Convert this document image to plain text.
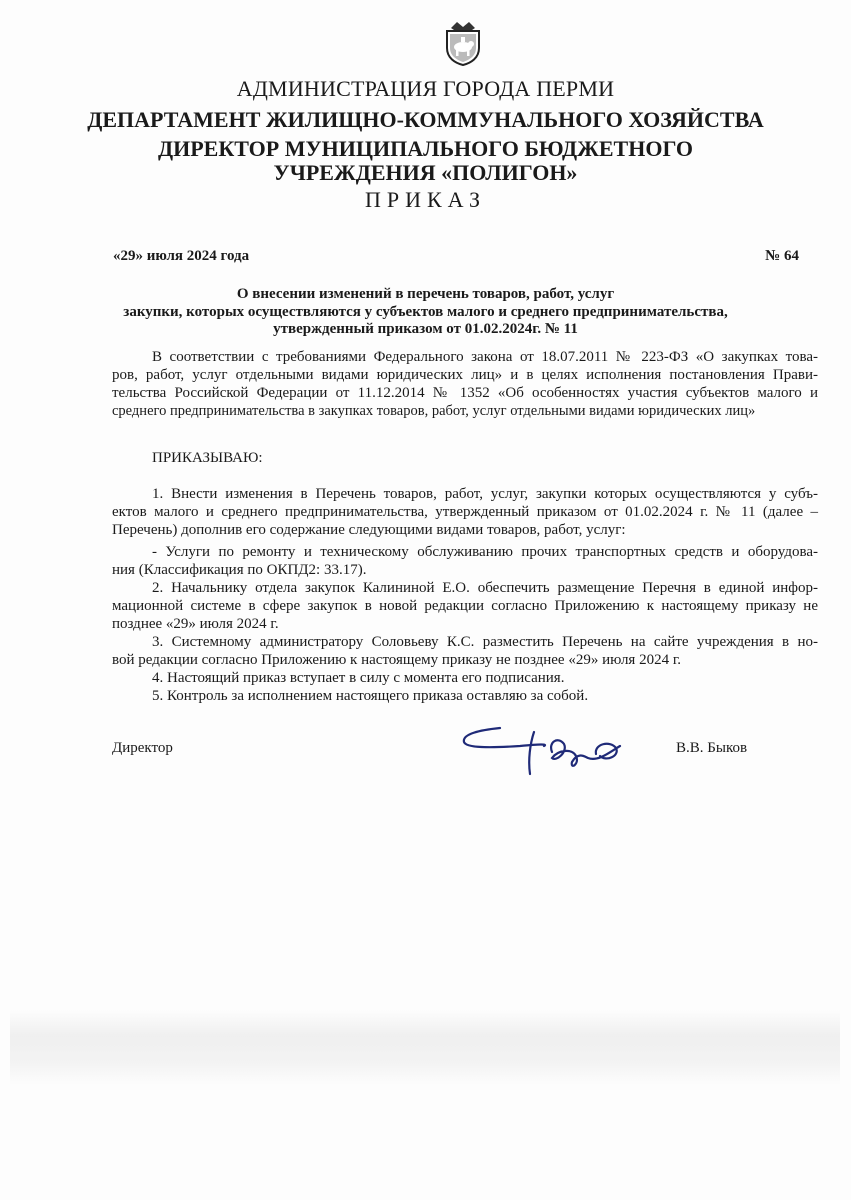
АДМИНИСТРАЦИЯ ГОРОДА ПЕРМИ
ДЕПАРТАМЕНТ ЖИЛИЩНО-КОММУНАЛЬНОГО ХОЗЯЙСТВА
ДИРЕКТОР МУНИЦИПАЛЬНОГО БЮДЖЕТНОГО
УЧРЕЖДЕНИЯ «ПОЛИГОН»
ПРИКАЗ
«29» июля 2024 года	№ 64
О внесении изменений в перечень товаров, работ, услуг
закупки, которых осуществляются у субъектов малого и среднего предпринимательства,
утвержденный приказом от 01.02.2024г. № 11
В соответствии с требованиями Федерального закона от 18.07.2011 № 223-ФЗ «О закупках това-
ров, работ, услуг отдельными видами юридических лиц» и в целях исполнения постановления Прави-
тельства Российской Федерации от 11.12.2014 № 1352 «Об особенностях участия субъектов малого и
среднего предпринимательства в закупках товаров, работ, услуг отдельными видами юридических лиц»
ПРИКАЗЫВАЮ:
1. Внести изменения в Перечень товаров, работ, услуг, закупки которых осуществляются у субъ-
ектов малого и среднего предпринимательства, утвержденный приказом от 01.02.2024 г. № 11 (далее –
Перечень) дополнив его содержание следующими видами товаров, работ, услуг:
- Услуги по ремонту и техническому обслуживанию прочих транспортных средств и оборудова-
ния (Классификация по ОКПД2: 33.17).
2. Начальнику отдела закупок Калининой Е.О. обеспечить размещение Перечня в единой инфор-
мационной системе в сфере закупок в новой редакции согласно Приложению к настоящему приказу не
позднее «29» июля 2024 г.
3. Системному администратору Соловьеву К.С. разместить Перечень на сайте учреждения в но-
вой редакции согласно Приложению к настоящему приказу не позднее «29» июля 2024 г.
4. Настоящий приказ вступает в силу с момента его подписания.
5. Контроль за исполнением настоящего приказа оставляю за собой.
Директор	В.В. Быков
